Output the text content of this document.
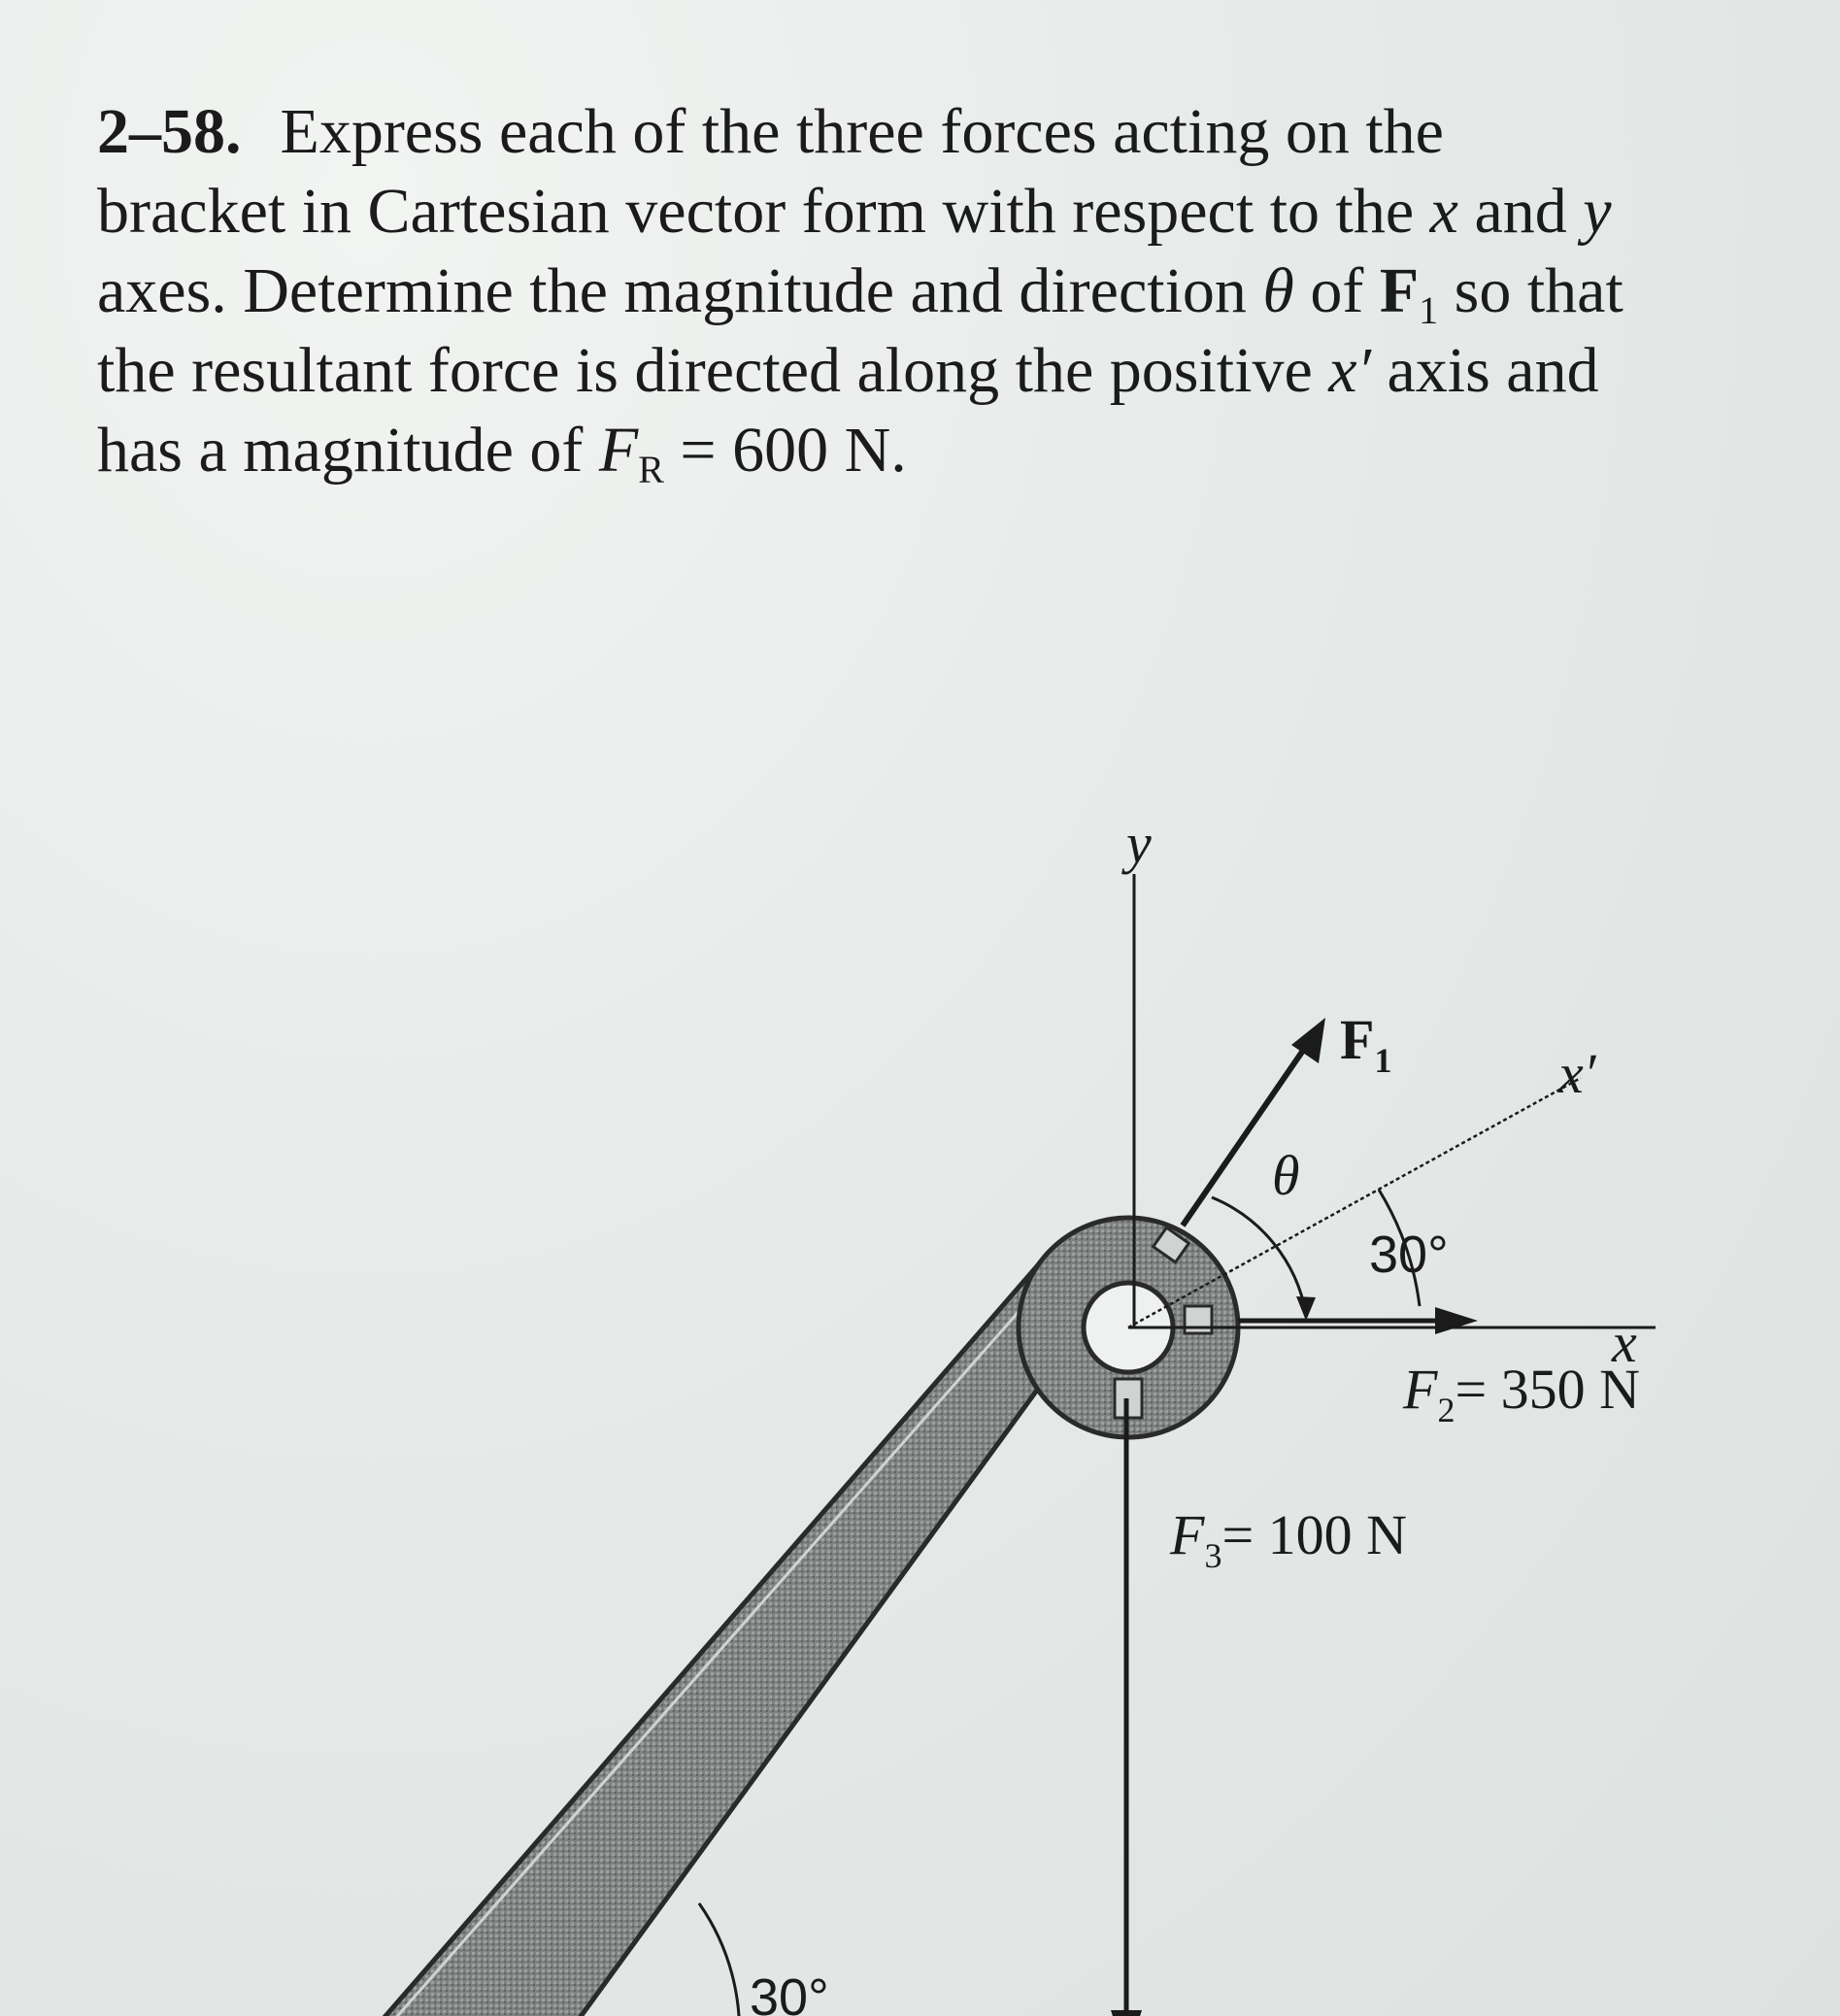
2–58. Express each of the three forces acting on the
bracket in Cartesian vector form with respect to the x and y
axes. Determine the magnitude and direction θ of $F_1$ so that
the resultant force is directed along the positive x′ axis and
has a magnitude of $F_R = 600$ N.
y
x
x′
$F_1$
θ
30°
$F_2= 350$ N
$F_3= 100$ N
30°
